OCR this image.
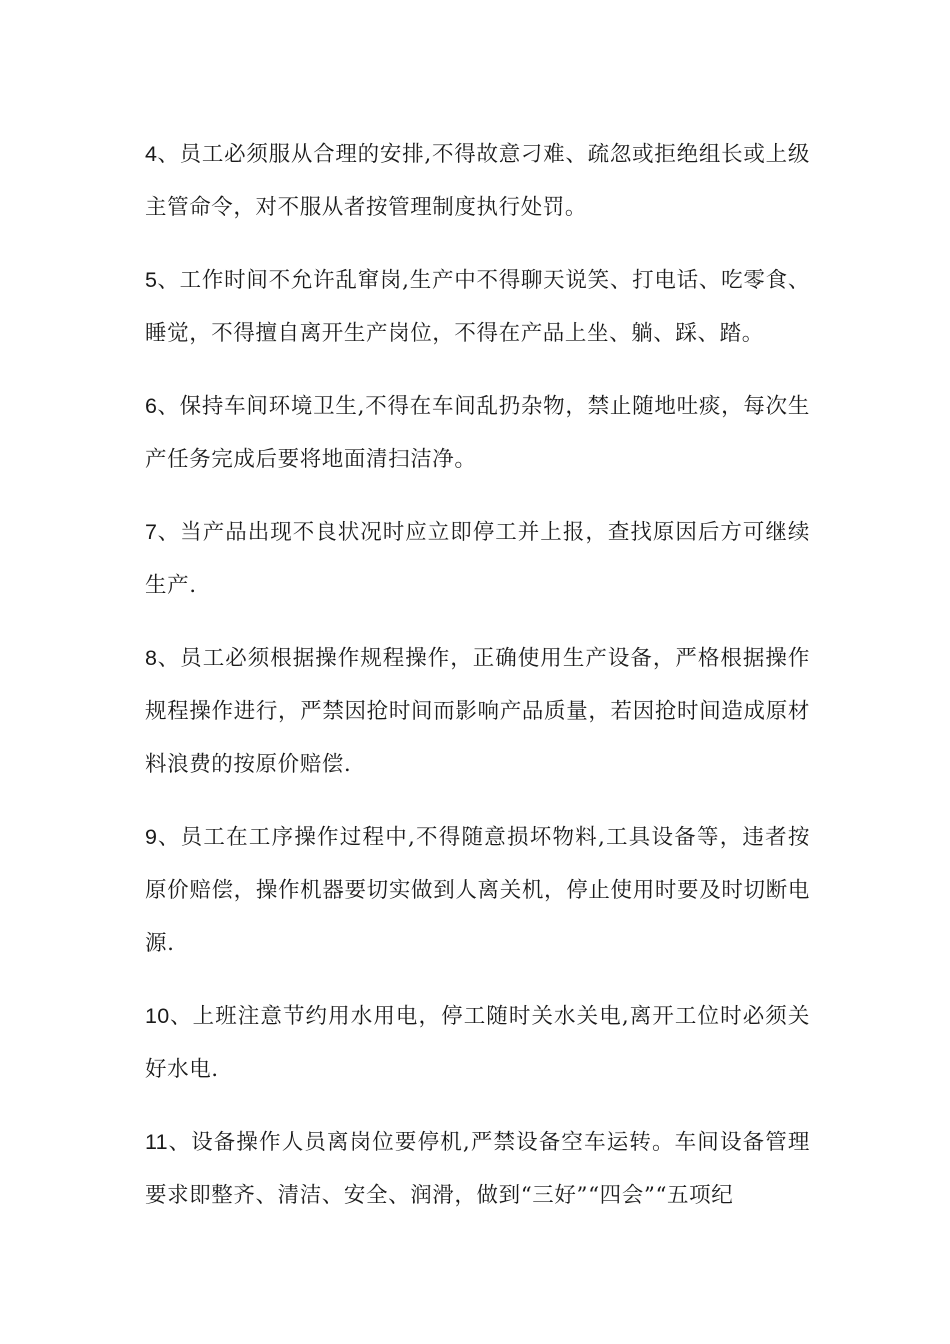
4、员工必须服从合理的安排,不得故意刁难、疏忽或拒绝组长或上级主管命令，对不服从者按管理制度执行处罚。

5、工作时间不允许乱窜岗,生产中不得聊天说笑、打电话、吃零食、睡觉，不得擅自离开生产岗位，不得在产品上坐、躺、踩、踏。

6、保持车间环境卫生,不得在车间乱扔杂物，禁止随地吐痰，每次生产任务完成后要将地面清扫洁净。

7、当产品出现不良状况时应立即停工并上报，查找原因后方可继续生产.

8、员工必须根据操作规程操作，正确使用生产设备，严格根据操作规程操作进行，严禁因抢时间而影响产品质量，若因抢时间造成原材料浪费的按原价赔偿.

9、员工在工序操作过程中,不得随意损坏物料,工具设备等，违者按原价赔偿，操作机器要切实做到人离关机，停止使用时要及时切断电源.

10、上班注意节约用水用电，停工随时关水关电,离开工位时必须关好水电.

11、设备操作人员离岗位要停机,严禁设备空车运转。车间设备管理要求即整齐、清洁、安全、润滑，做到“三好”“四会”“五项纪
